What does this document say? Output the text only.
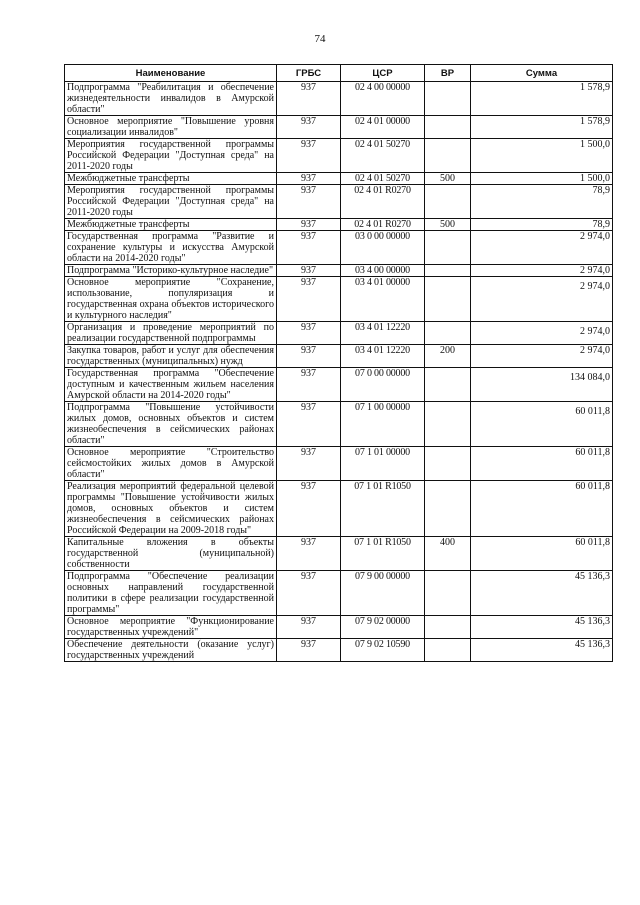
74
Наименование	ГРБС	ЦСР	ВР	Сумма
Подпрограмма "Реабилитация и обеспечение жизнедеятельности инвалидов в Амурской области"	937	02 4 00 00000		1 578,9
Основное мероприятие "Повышение уровня социализации инвалидов"	937	02 4 01 00000		1 578,9
Мероприятия государственной программы Российской Федерации "Доступная среда" на 2011-2020 годы	937	02 4 01 50270		1 500,0
Межбюджетные трансферты	937	02 4 01 50270	500	1 500,0
Мероприятия государственной программы Российской Федерации "Доступная среда" на 2011-2020 годы	937	02 4 01 R0270		78,9
Межбюджетные трансферты	937	02 4 01 R0270	500	78,9
Государственная программа "Развитие и сохранение культуры и искусства Амурской области на 2014-2020 годы"	937	03 0 00 00000		2 974,0
Подпрограмма "Историко-культурное наследие"	937	03 4 00 00000		2 974,0
Основное мероприятие "Сохранение, использование, популяризация и государственная охрана объектов исторического и культурного наследия"	937	03 4 01 00000		2 974,0
Организация и проведение мероприятий по реализации государственной подпрограммы	937	03 4 01 12220		2 974,0
Закупка товаров, работ и услуг для обеспечения государственных (муниципальных) нужд	937	03 4 01 12220	200	2 974,0
Государственная программа "Обеспечение доступным и качественным жильем населения Амурской области на 2014-2020 годы"	937	07 0 00 00000		134 084,0
Подпрограмма "Повышение устойчивости жилых домов, основных объектов и систем жизнеобеспечения в сейсмических районах области"	937	07 1 00 00000		60 011,8
Основное мероприятие "Строительство сейсмостойких жилых домов в Амурской области"	937	07 1 01 00000		60 011,8
Реализация мероприятий федеральной целевой программы "Повышение устойчивости жилых домов, основных объектов и систем жизнеобеспечения в сейсмических районах Российской Федерации на 2009-2018 годы"	937	07 1 01 R1050		60 011,8
Капитальные вложения в объекты государственной (муниципальной) собственности	937	07 1 01 R1050	400	60 011,8
Подпрограмма "Обеспечение реализации основных направлений государственной политики в сфере реализации государственной программы"	937	07 9 00 00000		45 136,3
Основное мероприятие "Функционирование государственных учреждений"	937	07 9 02 00000		45 136,3
Обеспечение деятельности (оказание услуг) государственных учреждений	937	07 9 02 10590		45 136,3
